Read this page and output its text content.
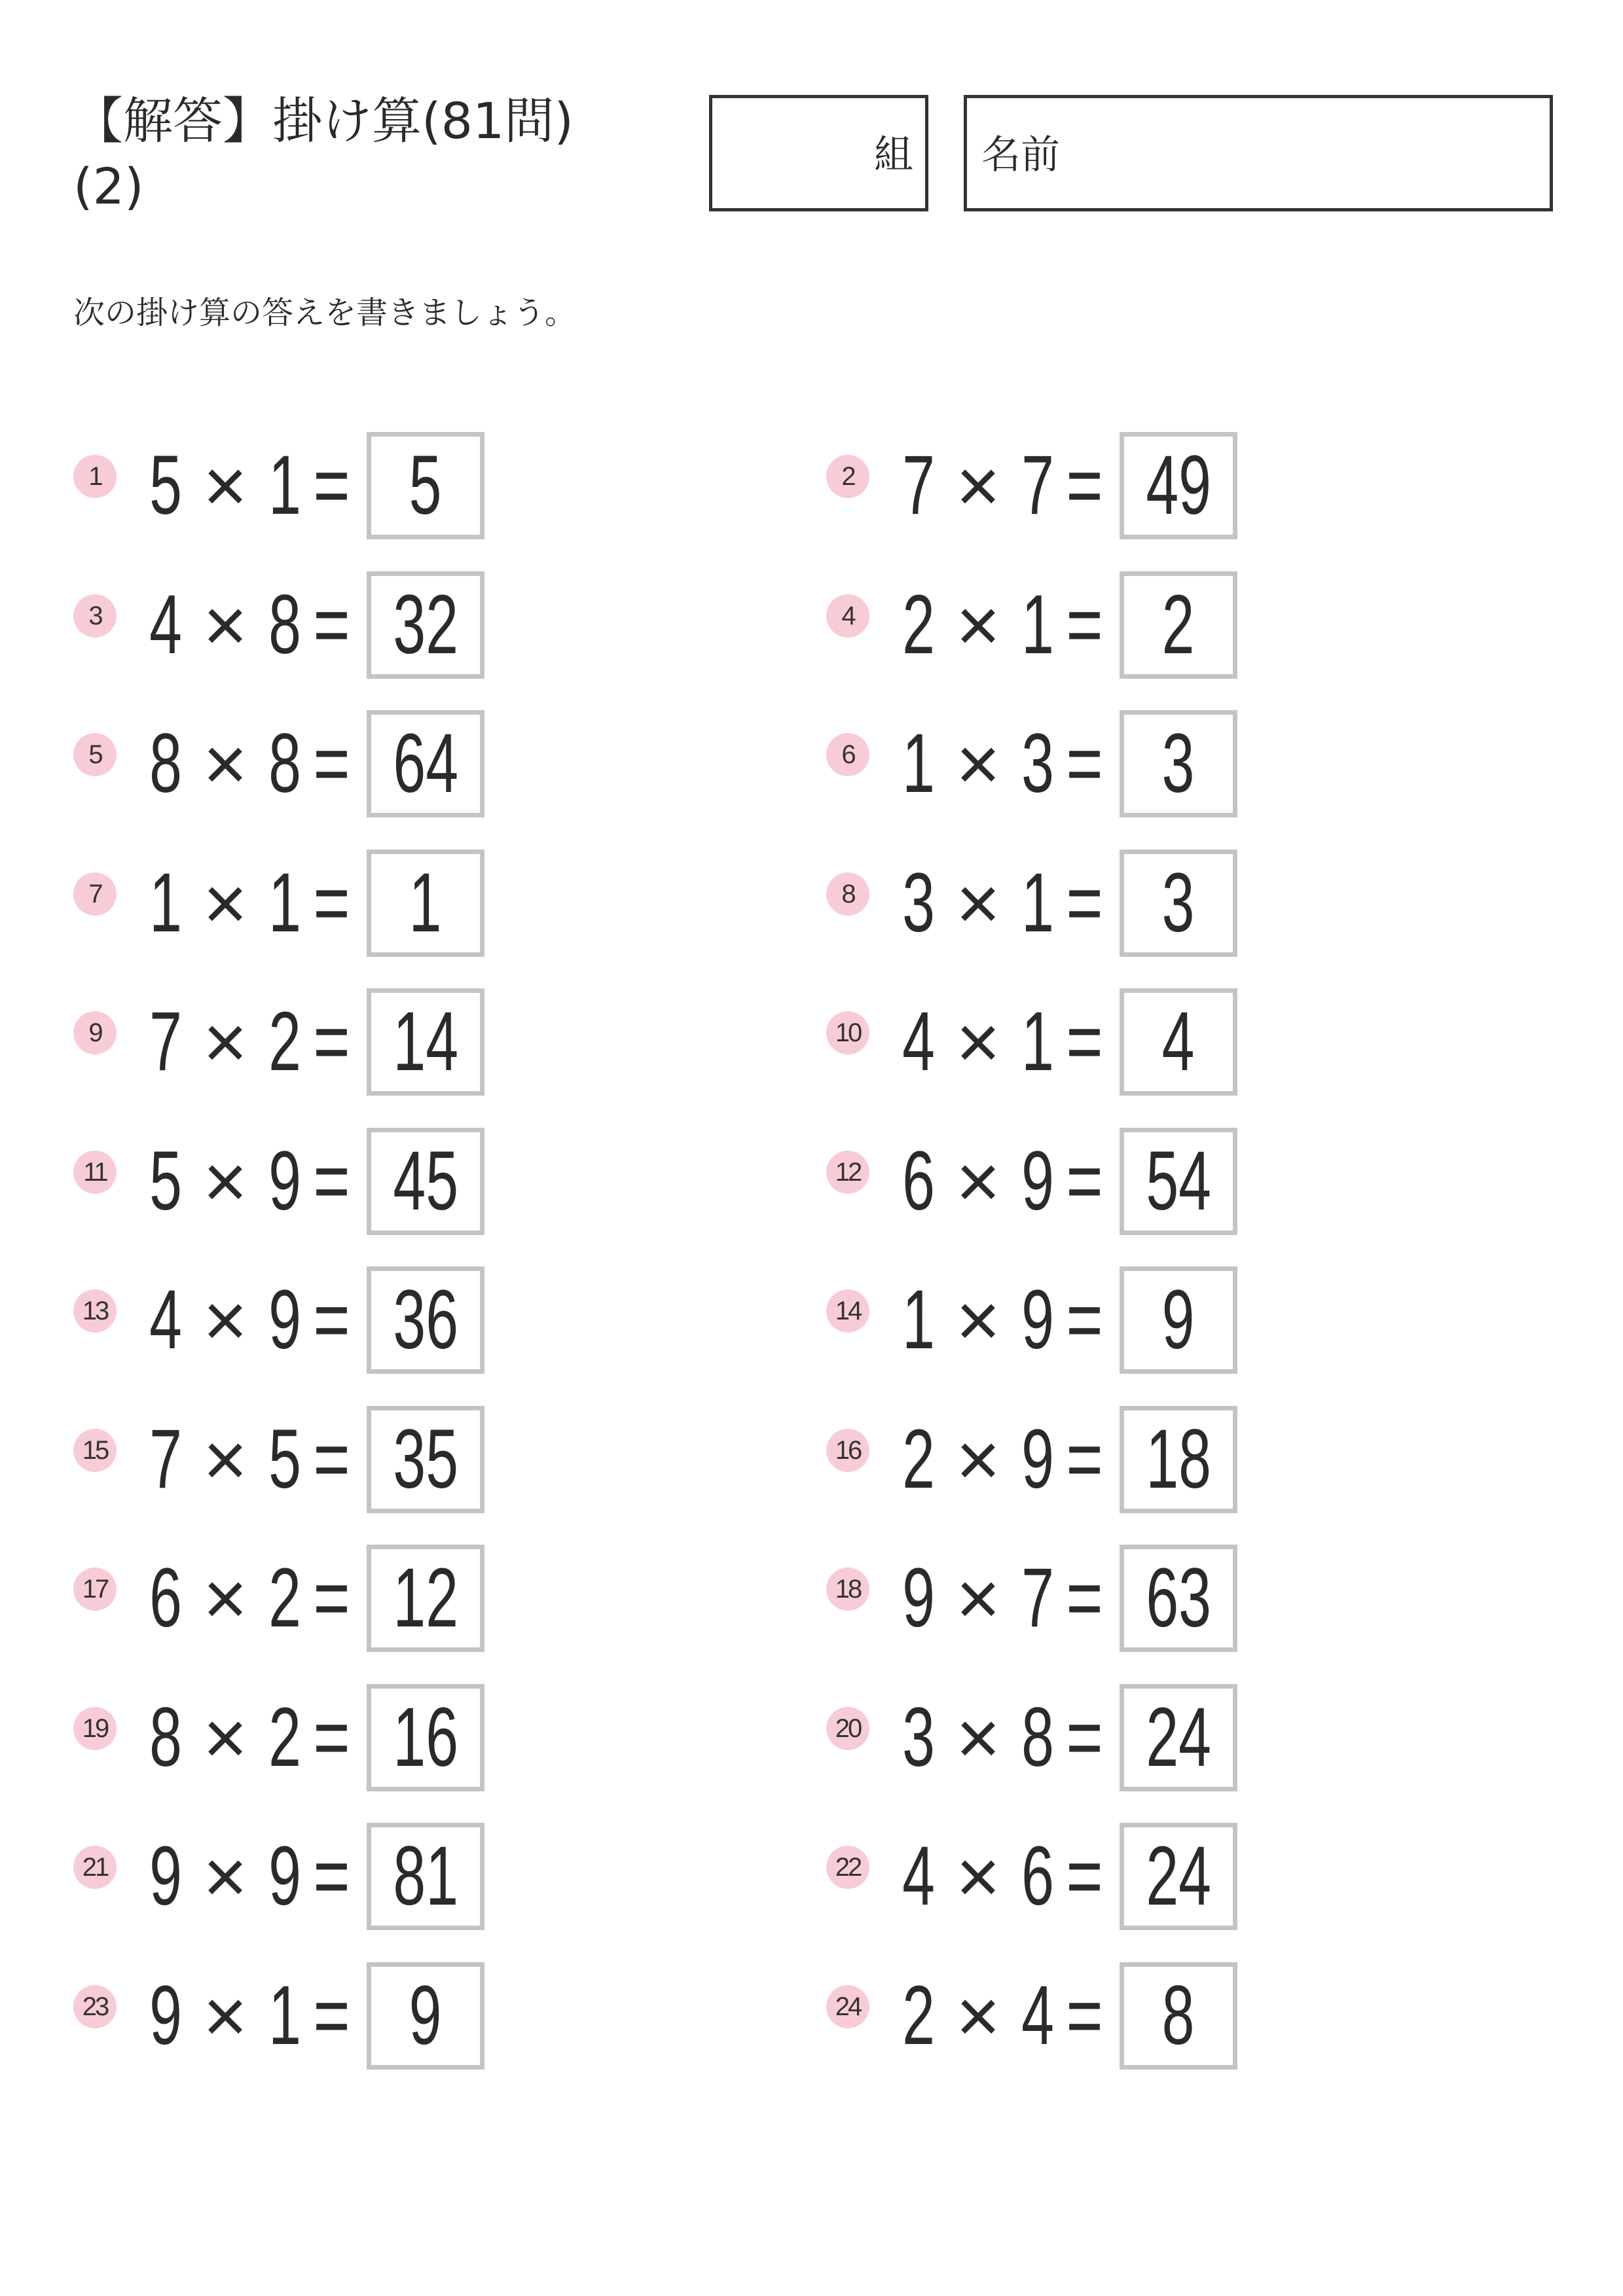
【解答】掛け算(81問)
(2)
組 名前
次の掛け算の答えを書きましょう。
1 5 × 1 = 5	2 7 × 7 = 49
3 4 × 8 = 32	4 2 × 1 = 2
5 8 × 8 = 64	6 1 × 3 = 3
7 1 × 1 = 1	8 3 × 1 = 3
9 7 × 2 = 14	10 4 × 1 = 4
11 5 × 9 = 45	12 6 × 9 = 54
13 4 × 9 = 36	14 1 × 9 = 9
15 7 × 5 = 35	16 2 × 9 = 18
17 6 × 2 = 12	18 9 × 7 = 63
19 8 × 2 = 16	20 3 × 8 = 24
21 9 × 9 = 81	22 4 × 6 = 24
23 9 × 1 = 9	24 2 × 4 = 8
